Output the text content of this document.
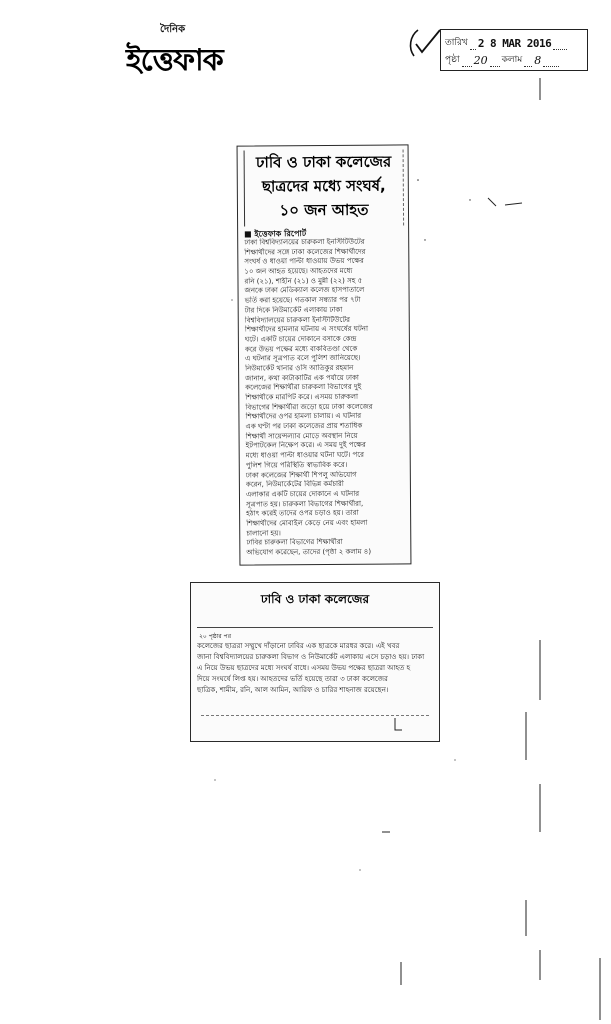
দৈনিক
ইত্তেফাক	তারিখ 2 8 MAR 2016
পৃষ্ঠা 20 কলাম 8
ঢাবি ও ঢাকা কলেজের
ছাত্রদের মধ্যে সংঘর্ষ,
১০ জন আহত
■ ইত্তেফাক রিপোর্ট
ঢাকা বিশ্ববিদ্যালয়ের চারুকলা ইনস্টিটিউটের
শিক্ষার্থীদের সঙ্গে ঢাকা কলেজের শিক্ষার্থীদের
সংঘর্ষ ও ধাওয়া পাল্টা ধাওয়ায় উভয় পক্ষের
১০ জন আহত হয়েছে। আহতদের মধ্যে
রনি (২১), শাহীন (২১) ও মুন্নী (২২) সহ ৫
জনকে ঢাকা মেডিক্যাল কলেজ হাসপাতালে
ভর্তি করা হয়েছে। গতকাল সন্ধ্যার পর ৭টা
টার দিকে নিউমার্কেট এলাকায় ঢাকা
বিশ্ববিদ্যালয়ের চারুকলা ইনস্টিটিউটের
শিক্ষার্থীদের হামলার ঘটনায় এ সংঘর্ষের ঘটনা
ঘটে। একটি চায়ের দোকানে বসাকে কেন্দ্র
করে উভয় পক্ষের মধ্যে বাকবিতণ্ডা থেকে
এ ঘটনার সূত্রপাত বলে পুলিশ জানিয়েছে।
নিউমার্কেট থানার ওসি আতিকুর রহমান
জানান, কথা কাটাকাটির এক পর্যায়ে ঢাকা
কলেজের শিক্ষার্থীরা চারুকলা বিভাগের দুই
শিক্ষার্থীকে মারপিট করে। এসময় চারুকলা
বিভাগের শিক্ষার্থীরা জড়ো হয়ে ঢাকা কলেজের
শিক্ষার্থীদের ওপর হামলা চালায়। এ ঘটনার
এক ঘণ্টা পর ঢাকা কলেজের প্রায় শতাধিক
শিক্ষার্থী সায়েন্সল্যাব মোড়ে অবস্থান নিয়ে
ইটপাটকেল নিক্ষেপ করে। এ সময় দুই পক্ষের
মধ্যে ধাওয়া পাল্টা ধাওয়ার ঘটনা ঘটে। পরে
পুলিশ গিয়ে পরিস্থিতি স্বাভাবিক করে।
ঢাকা কলেজের শিক্ষার্থী শিপলু অভিযোগ
করেন, নিউমার্কেটের বিভিন্ন কর্মচারী
এলাকার একটি চায়ের দোকানে এ ঘটনার
সূত্রপাত হয়। চারুকলা বিভাগের শিক্ষার্থীরা,
হঠাৎ করেই তাদের ওপর চড়াও হয়। তারা
শিক্ষার্থীদের মোবাইল কেড়ে নেয় এবং হামলা
চালানো হয়।
ঢাবির চারুকলা বিভাগের শিক্ষার্থীরা
অভিযোগ করেছেন, তাদের (পৃষ্ঠা ২ কলাম ৪)
ঢাবি ও ঢাকা কলেজের
২০ পৃষ্ঠার পর
কলেজের ছাত্ররা সম্মুখে দাঁড়ানো ঢাবির এক ছাত্রকে মারধর করে। এই খবর
জানা বিশ্ববিদ্যালয়ের চারুকলা বিভাগ ও নিউমার্কেট এলাকায় এসে চড়াও হয়। ঢাকা
এ নিয়ে উভয় ছাত্রদের মধ্যে সংঘর্ষ বাধে। এসময় উভয় পক্ষের ছাত্ররা আহত হ
দিয়ে সংঘর্ষে লিপ্ত হয়। আহতদের ভর্তি হয়েছে তারা ৩ ঢাকা কলেজের
ছাত্রিক, শামীম, রনি, আল আমিন, আরিফ ও চারির শাহনাজ রয়েছেন।
